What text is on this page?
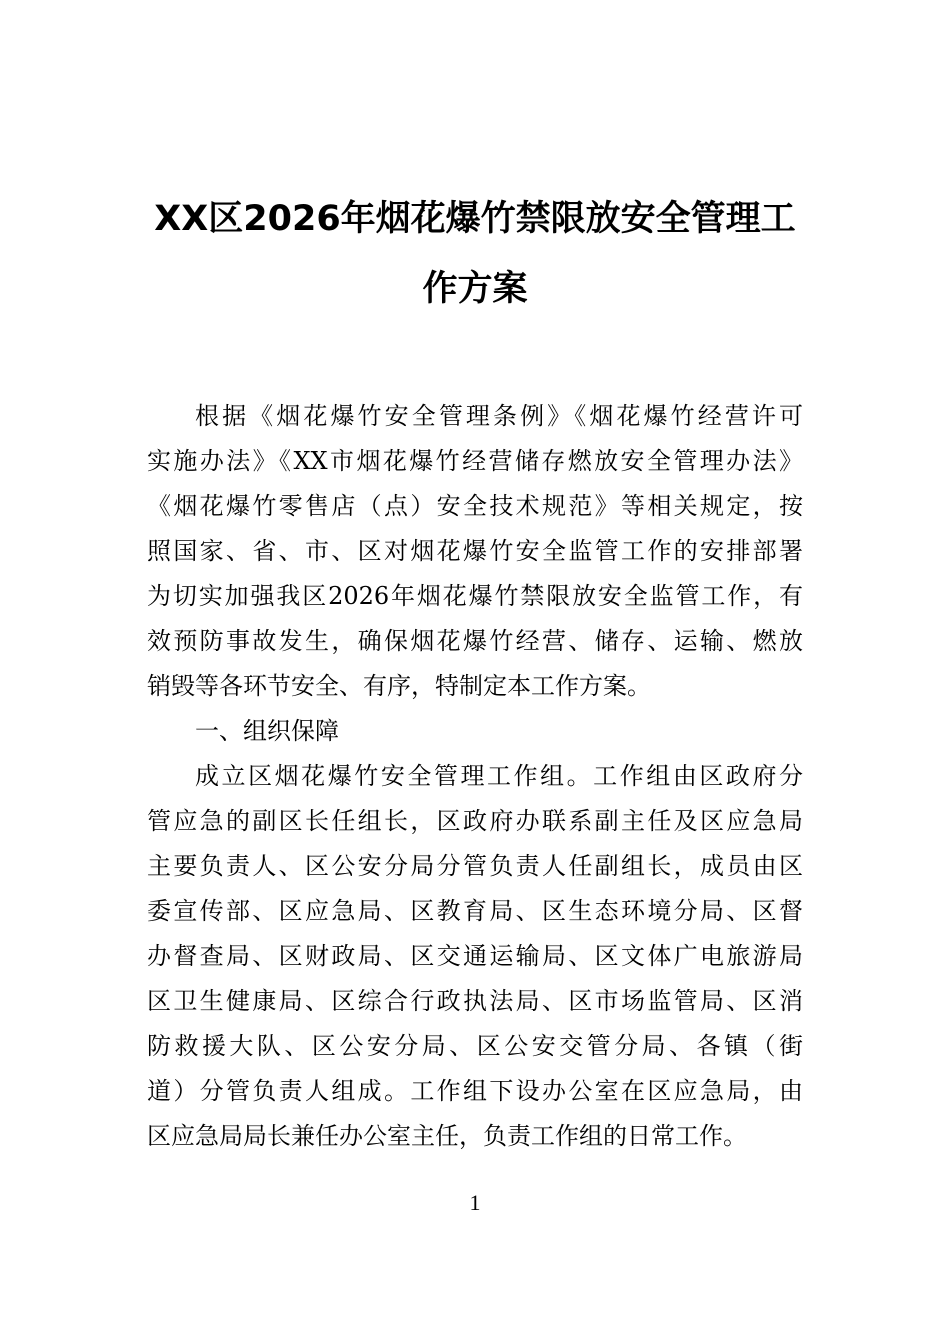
XX区2026年烟花爆竹禁限放安全管理工
作方案
根据《烟花爆竹安全管理条例》《烟花爆竹经营许可
实施办法》《XX市烟花爆竹经营储存燃放安全管理办法》
《烟花爆竹零售店（点）安全技术规范》等相关规定，按
照国家、省、市、区对烟花爆竹安全监管工作的安排部署
为切实加强我区2026年烟花爆竹禁限放安全监管工作，有
效预防事故发生，确保烟花爆竹经营、储存、运输、燃放
销毁等各环节安全、有序，特制定本工作方案。
一、组织保障
成立区烟花爆竹安全管理工作组。工作组由区政府分
管应急的副区长任组长，区政府办联系副主任及区应急局
主要负责人、区公安分局分管负责人任副组长，成员由区
委宣传部、区应急局、区教育局、区生态环境分局、区督
办督查局、区财政局、区交通运输局、区文体广电旅游局
区卫生健康局、区综合行政执法局、区市场监管局、区消
防救援大队、区公安分局、区公安交管分局、各镇（街
道）分管负责人组成。工作组下设办公室在区应急局，由
区应急局局长兼任办公室主任，负责工作组的日常工作。
1
